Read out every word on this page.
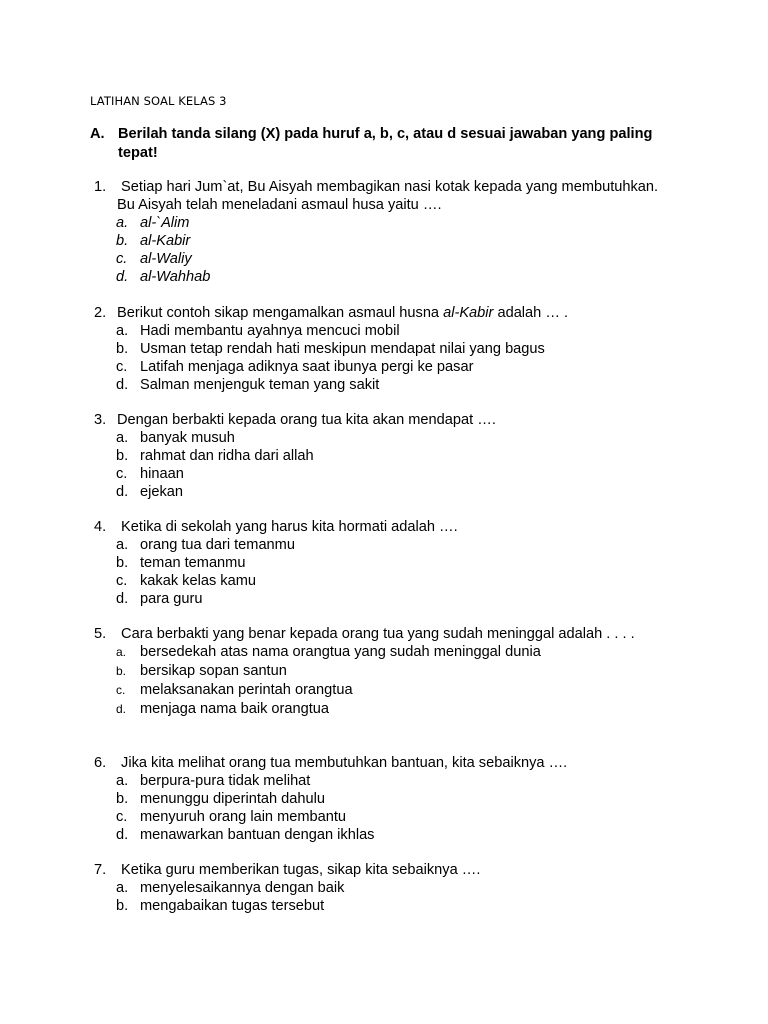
LATIHAN SOAL KELAS 3
A. Berilah tanda silang (X) pada huruf a, b, c, atau d sesuai jawaban yang paling tepat!
1. Setiap hari Jum`at, Bu Aisyah membagikan nasi kotak kepada yang membutuhkan.
Bu Aisyah telah meneladani asmaul husa yaitu ….
a. al-`Alim
b. al-Kabir
c. al-Waliy
d. al-Wahhab
2. Berikut contoh sikap mengamalkan asmaul husna al-Kabir adalah … .
a. Hadi membantu ayahnya mencuci mobil
b. Usman tetap rendah hati meskipun mendapat nilai yang bagus
c. Latifah menjaga adiknya saat ibunya pergi ke pasar
d. Salman menjenguk teman yang sakit
3. Dengan berbakti kepada orang tua kita akan mendapat ….
a. banyak musuh
b. rahmat dan ridha dari allah
c. hinaan
d. ejekan
4. Ketika di sekolah yang harus kita hormati adalah ….
a. orang tua dari temanmu
b. teman temanmu
c. kakak kelas kamu
d. para guru
5. Cara berbakti yang benar kepada orang tua yang sudah meninggal adalah . . . .
a. bersedekah atas nama orangtua yang sudah meninggal dunia
b. bersikap sopan santun
c. melaksanakan perintah orangtua
d. menjaga nama baik orangtua
6. Jika kita melihat orang tua membutuhkan bantuan, kita sebaiknya ….
a. berpura-pura tidak melihat
b. menunggu diperintah dahulu
c. menyuruh orang lain membantu
d. menawarkan bantuan dengan ikhlas
7. Ketika guru memberikan tugas, sikap kita sebaiknya ….
a. menyelesaikannya dengan baik
b. mengabaikan tugas tersebut
